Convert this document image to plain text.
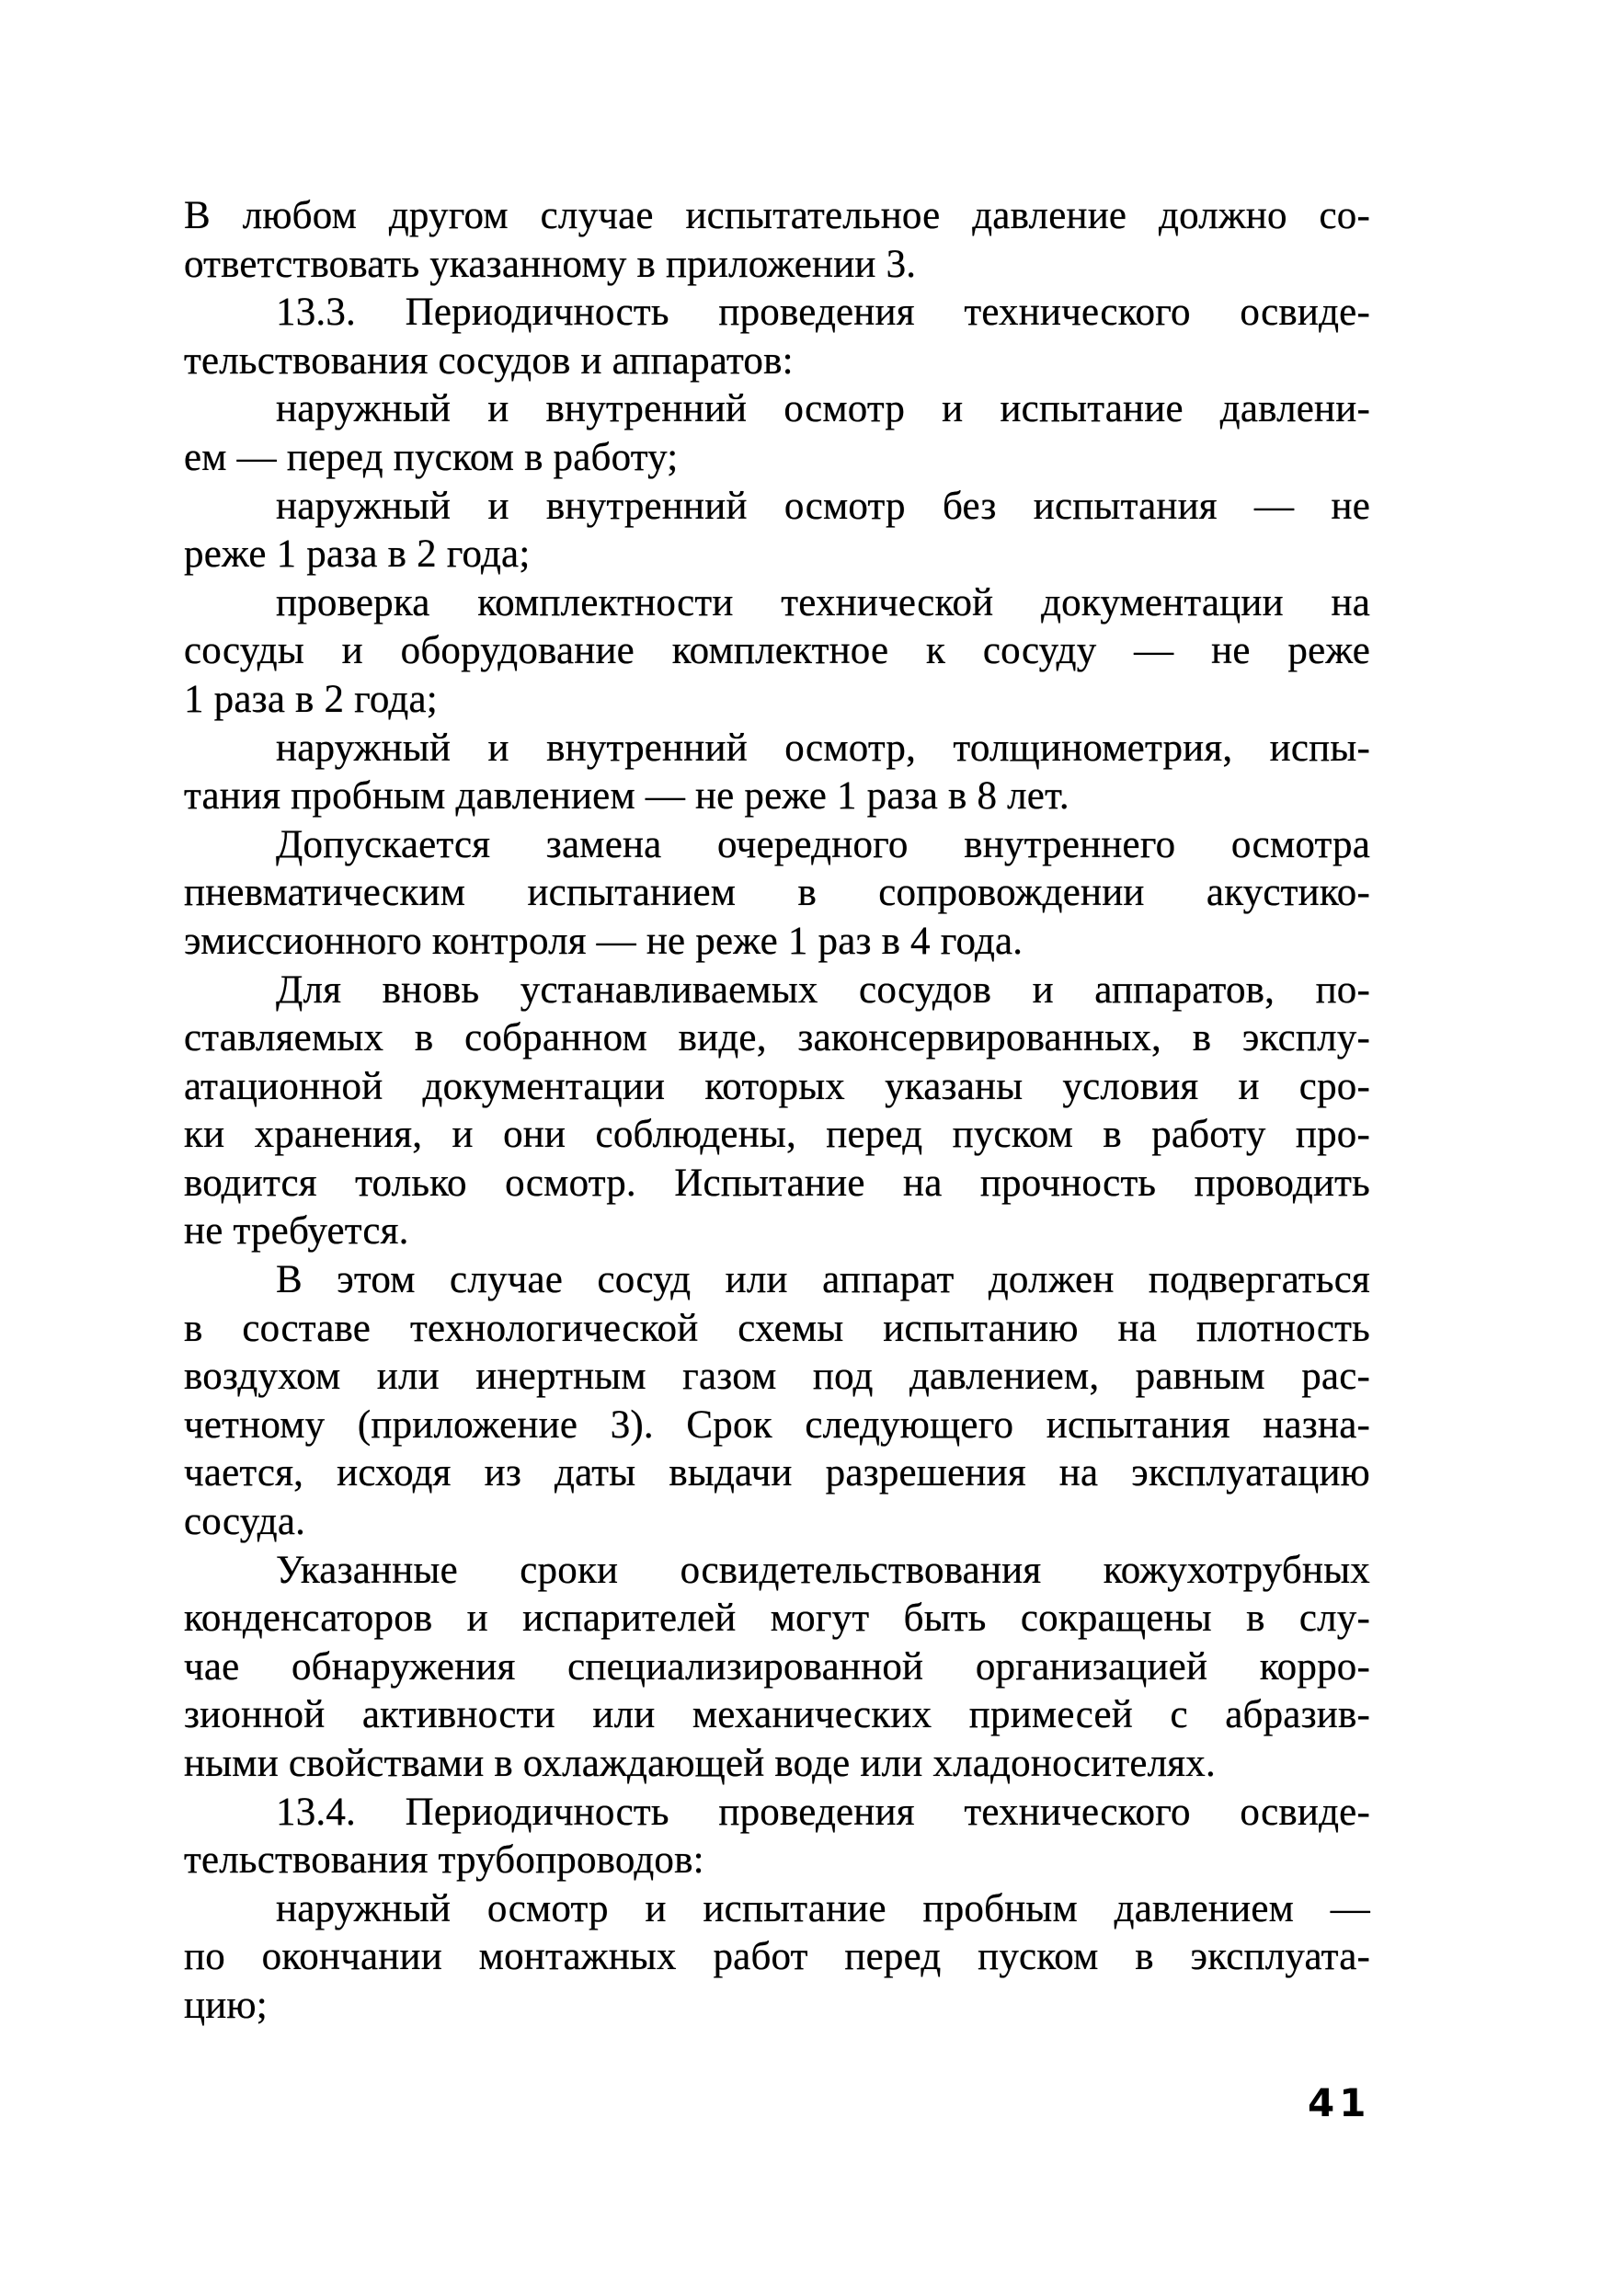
В любом другом случае испытательное давление должно со-
ответствовать указанному в приложении 3.
13.3. Периодичность проведения технического освиде-
тельствования сосудов и аппаратов:
наружный и внутренний осмотр и испытание давлени-
ем — перед пуском в работу;
наружный и внутренний осмотр без испытания — не
реже 1 раза в 2 года;
проверка комплектности технической документации на
сосуды и оборудование комплектное к сосуду — не реже
1 раза в 2 года;
наружный и внутренний осмотр, толщинометрия, испы-
тания пробным давлением — не реже 1 раза в 8 лет.
Допускается замена очередного внутреннего осмотра
пневматическим испытанием в сопровождении акустико-
эмиссионного контроля — не реже 1 раз в 4 года.
Для вновь устанавливаемых сосудов и аппаратов, по-
ставляемых в собранном виде, законсервированных, в эксплу-
атационной документации которых указаны условия и сро-
ки хранения, и они соблюдены, перед пуском в работу про-
водится только осмотр. Испытание на прочность проводить
не требуется.
В этом случае сосуд или аппарат должен подвергаться
в составе технологической схемы испытанию на плотность
воздухом или инертным газом под давлением, равным рас-
четному (приложение 3). Срок следующего испытания назна-
чается, исходя из даты выдачи разрешения на эксплуатацию
сосуда.
Указанные сроки освидетельствования кожухотрубных
конденсаторов и испарителей могут быть сокращены в слу-
чае обнаружения специализированной организацией корро-
зионной активности или механических примесей с абразив-
ными свойствами в охлаждающей воде или хладоносителях.
13.4. Периодичность проведения технического освиде-
тельствования трубопроводов:
наружный осмотр и испытание пробным давлением —
по окончании монтажных работ перед пуском в эксплуата-
цию;
41
